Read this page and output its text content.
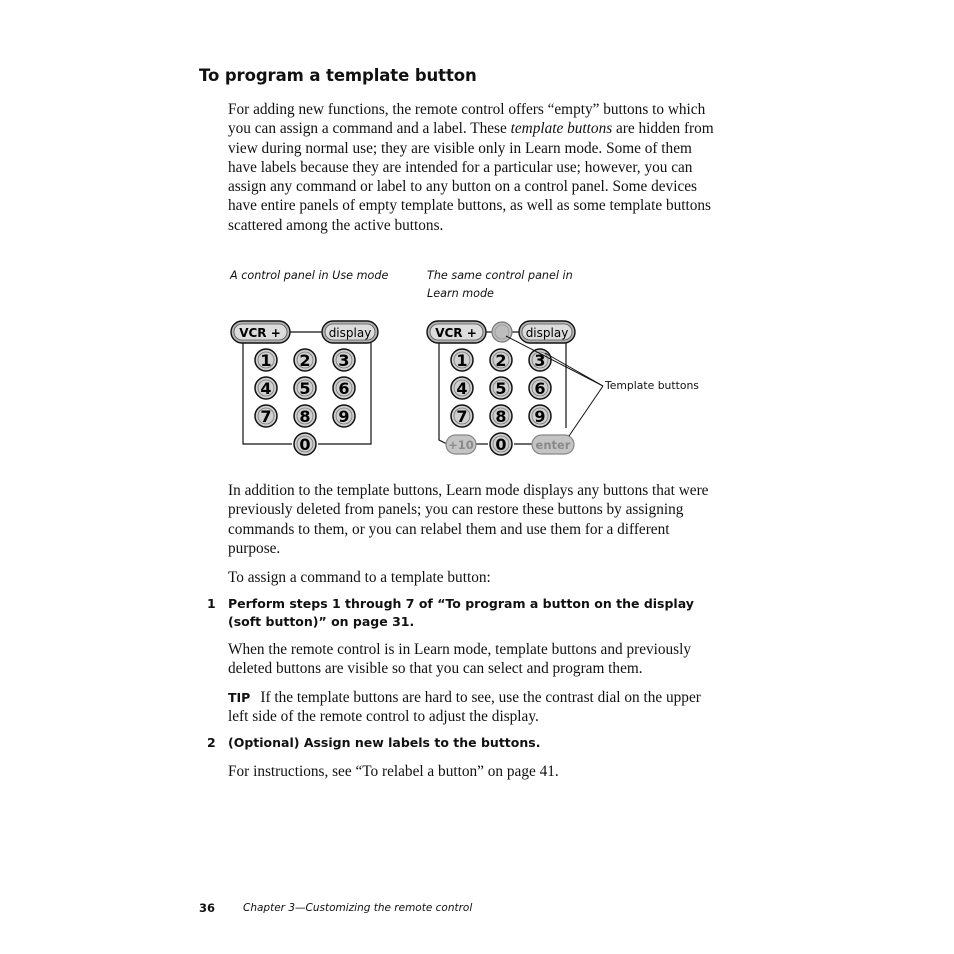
To program a template button

For adding new functions, the remote control offers “empty” buttons to which you can assign a command and a label. These template buttons are hidden from view during normal use; they are visible only in Learn mode. Some of them have labels because they are intended for a particular use; however, you can assign any command or label to any button on a control panel. Some devices have entire panels of empty template buttons, as well as some template buttons scattered among the active buttons.

A control panel in Use mode	The same control panel in
Learn mode
VCR +	display
1 2 3
4 5 6
7 8 9
0
VCR +	display
1 2 3
4 5 6
7 8 9
0
+10	enter
Template buttons

In addition to the template buttons, Learn mode displays any buttons that were previously deleted from panels; you can restore these buttons by assigning commands to them, or you can relabel them and use them for a different purpose.

To assign a command to a template button:

1 Perform steps 1 through 7 of “To program a button on the display (soft button)” on page 31.

When the remote control is in Learn mode, template buttons and previously deleted buttons are visible so that you can select and program them.

TIP If the template buttons are hard to see, use the contrast dial on the upper left side of the remote control to adjust the display.

2 (Optional) Assign new labels to the buttons.

For instructions, see “To relabel a button” on page 41.

36	Chapter 3—Customizing the remote control
